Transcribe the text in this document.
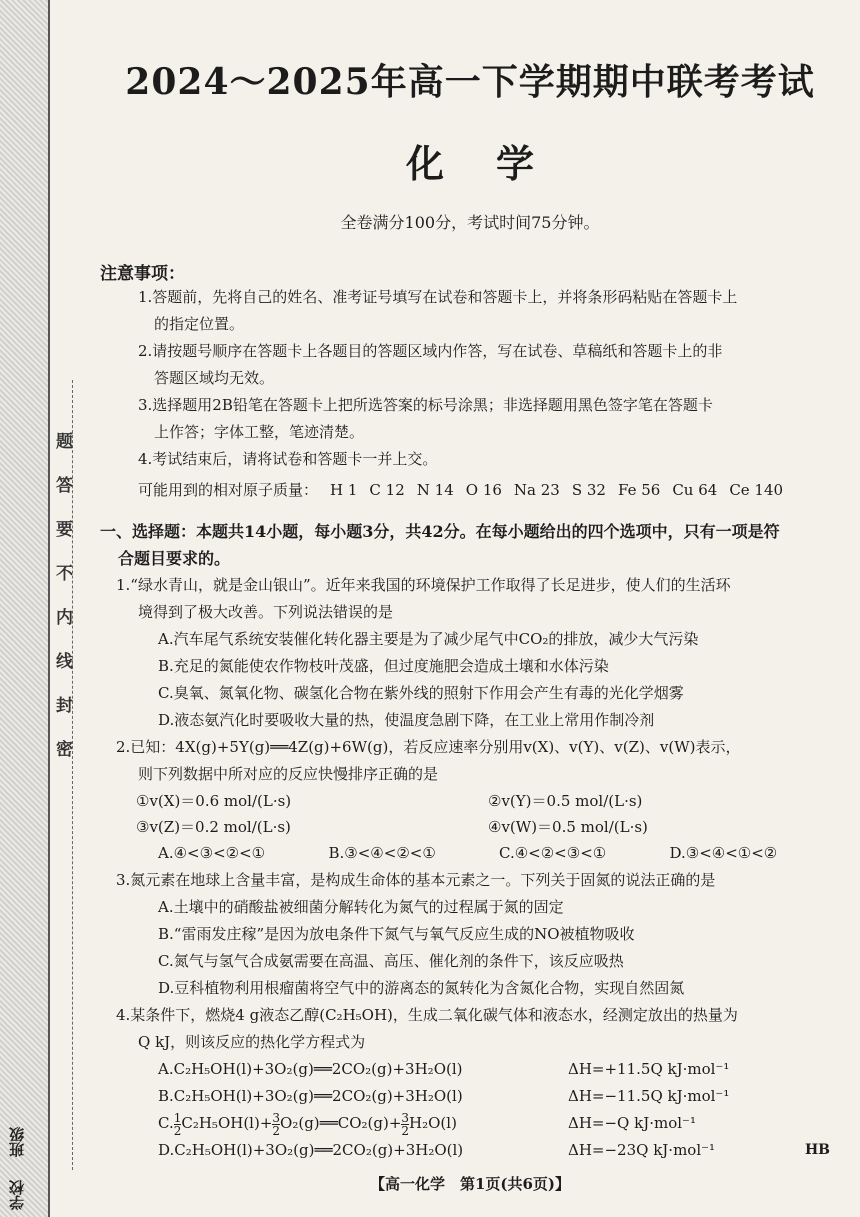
题
答
要
不
内
线
封
密
学校 班级
2024～2025年高一下学期期中联考考试
化学
全卷满分100分，考试时间75分钟。
注意事项：
1.答题前，先将自己的姓名、准考证号填写在试卷和答题卡上，并将条形码粘贴在答题卡上
的指定位置。
2.请按题号顺序在答题卡上各题目的答题区域内作答，写在试卷、草稿纸和答题卡上的非
答题区域均无效。
3.选择题用2B铅笔在答题卡上把所选答案的标号涂黑；非选择题用黑色签字笔在答题卡
上作答；字体工整，笔迹清楚。
4.考试结束后，请将试卷和答题卡一并上交。
可能用到的相对原子质量： H 1 C 12 N 14 O 16 Na 23 S 32 Fe 56 Cu 64 Ce 140
一、选择题：本题共14小题，每小题3分，共42分。在每小题给出的四个选项中，只有一项是符
合题目要求的。
1.“绿水青山，就是金山银山”。近年来我国的环境保护工作取得了长足进步，使人们的生活环
境得到了极大改善。下列说法错误的是
A.汽车尾气系统安装催化转化器主要是为了减少尾气中CO₂的排放，减少大气污染
B.充足的氮能使农作物枝叶茂盛，但过度施肥会造成土壤和水体污染
C.臭氧、氮氧化物、碳氢化合物在紫外线的照射下作用会产生有毒的光化学烟雾
D.液态氨汽化时要吸收大量的热，使温度急剧下降，在工业上常用作制冷剂
2.已知：4X(g)+5Y(g)══4Z(g)+6W(g)，若反应速率分别用v(X)、v(Y)、v(Z)、v(W)表示，
则下列数据中所对应的反应快慢排序正确的是
①v(X)＝0.6 mol/(L·s)	②v(Y)＝0.5 mol/(L·s)
③v(Z)＝0.2 mol/(L·s)	④v(W)＝0.5 mol/(L·s)
A.④<③<②<①	B.③<④<②<①	C.④<②<③<①	D.③<④<①<②
3.氮元素在地球上含量丰富，是构成生命体的基本元素之一。下列关于固氮的说法正确的是
A.土壤中的硝酸盐被细菌分解转化为氮气的过程属于氮的固定
B.“雷雨发庄稼”是因为放电条件下氮气与氧气反应生成的NO被植物吸收
C.氮气与氢气合成氨需要在高温、高压、催化剂的条件下，该反应吸热
D.豆科植物利用根瘤菌将空气中的游离态的氮转化为含氮化合物，实现自然固氮
4.某条件下，燃烧4 g液态乙醇(C₂H₅OH)，生成二氧化碳气体和液态水，经测定放出的热量为
Q kJ，则该反应的热化学方程式为
A.C₂H₅OH(l)+3O₂(g)══2CO₂(g)+3H₂O(l)	ΔH=+11.5Q kJ·mol⁻¹
B.C₂H₅OH(l)+3O₂(g)══2CO₂(g)+3H₂O(l)	ΔH=−11.5Q kJ·mol⁻¹
C. $\frac{1}{2} C_2H_5OH(l)+ \frac{3}{2}$ O₂(g)══CO₂(g)+ $\frac{3}{2} H_2O(l)$	ΔH=−Q kJ·mol⁻¹
D.C₂H₅OH(l)+3O₂(g)══2CO₂(g)+3H₂O(l)	ΔH=−23Q kJ·mol⁻¹	HB
【高一化学　第1页(共6页)】
